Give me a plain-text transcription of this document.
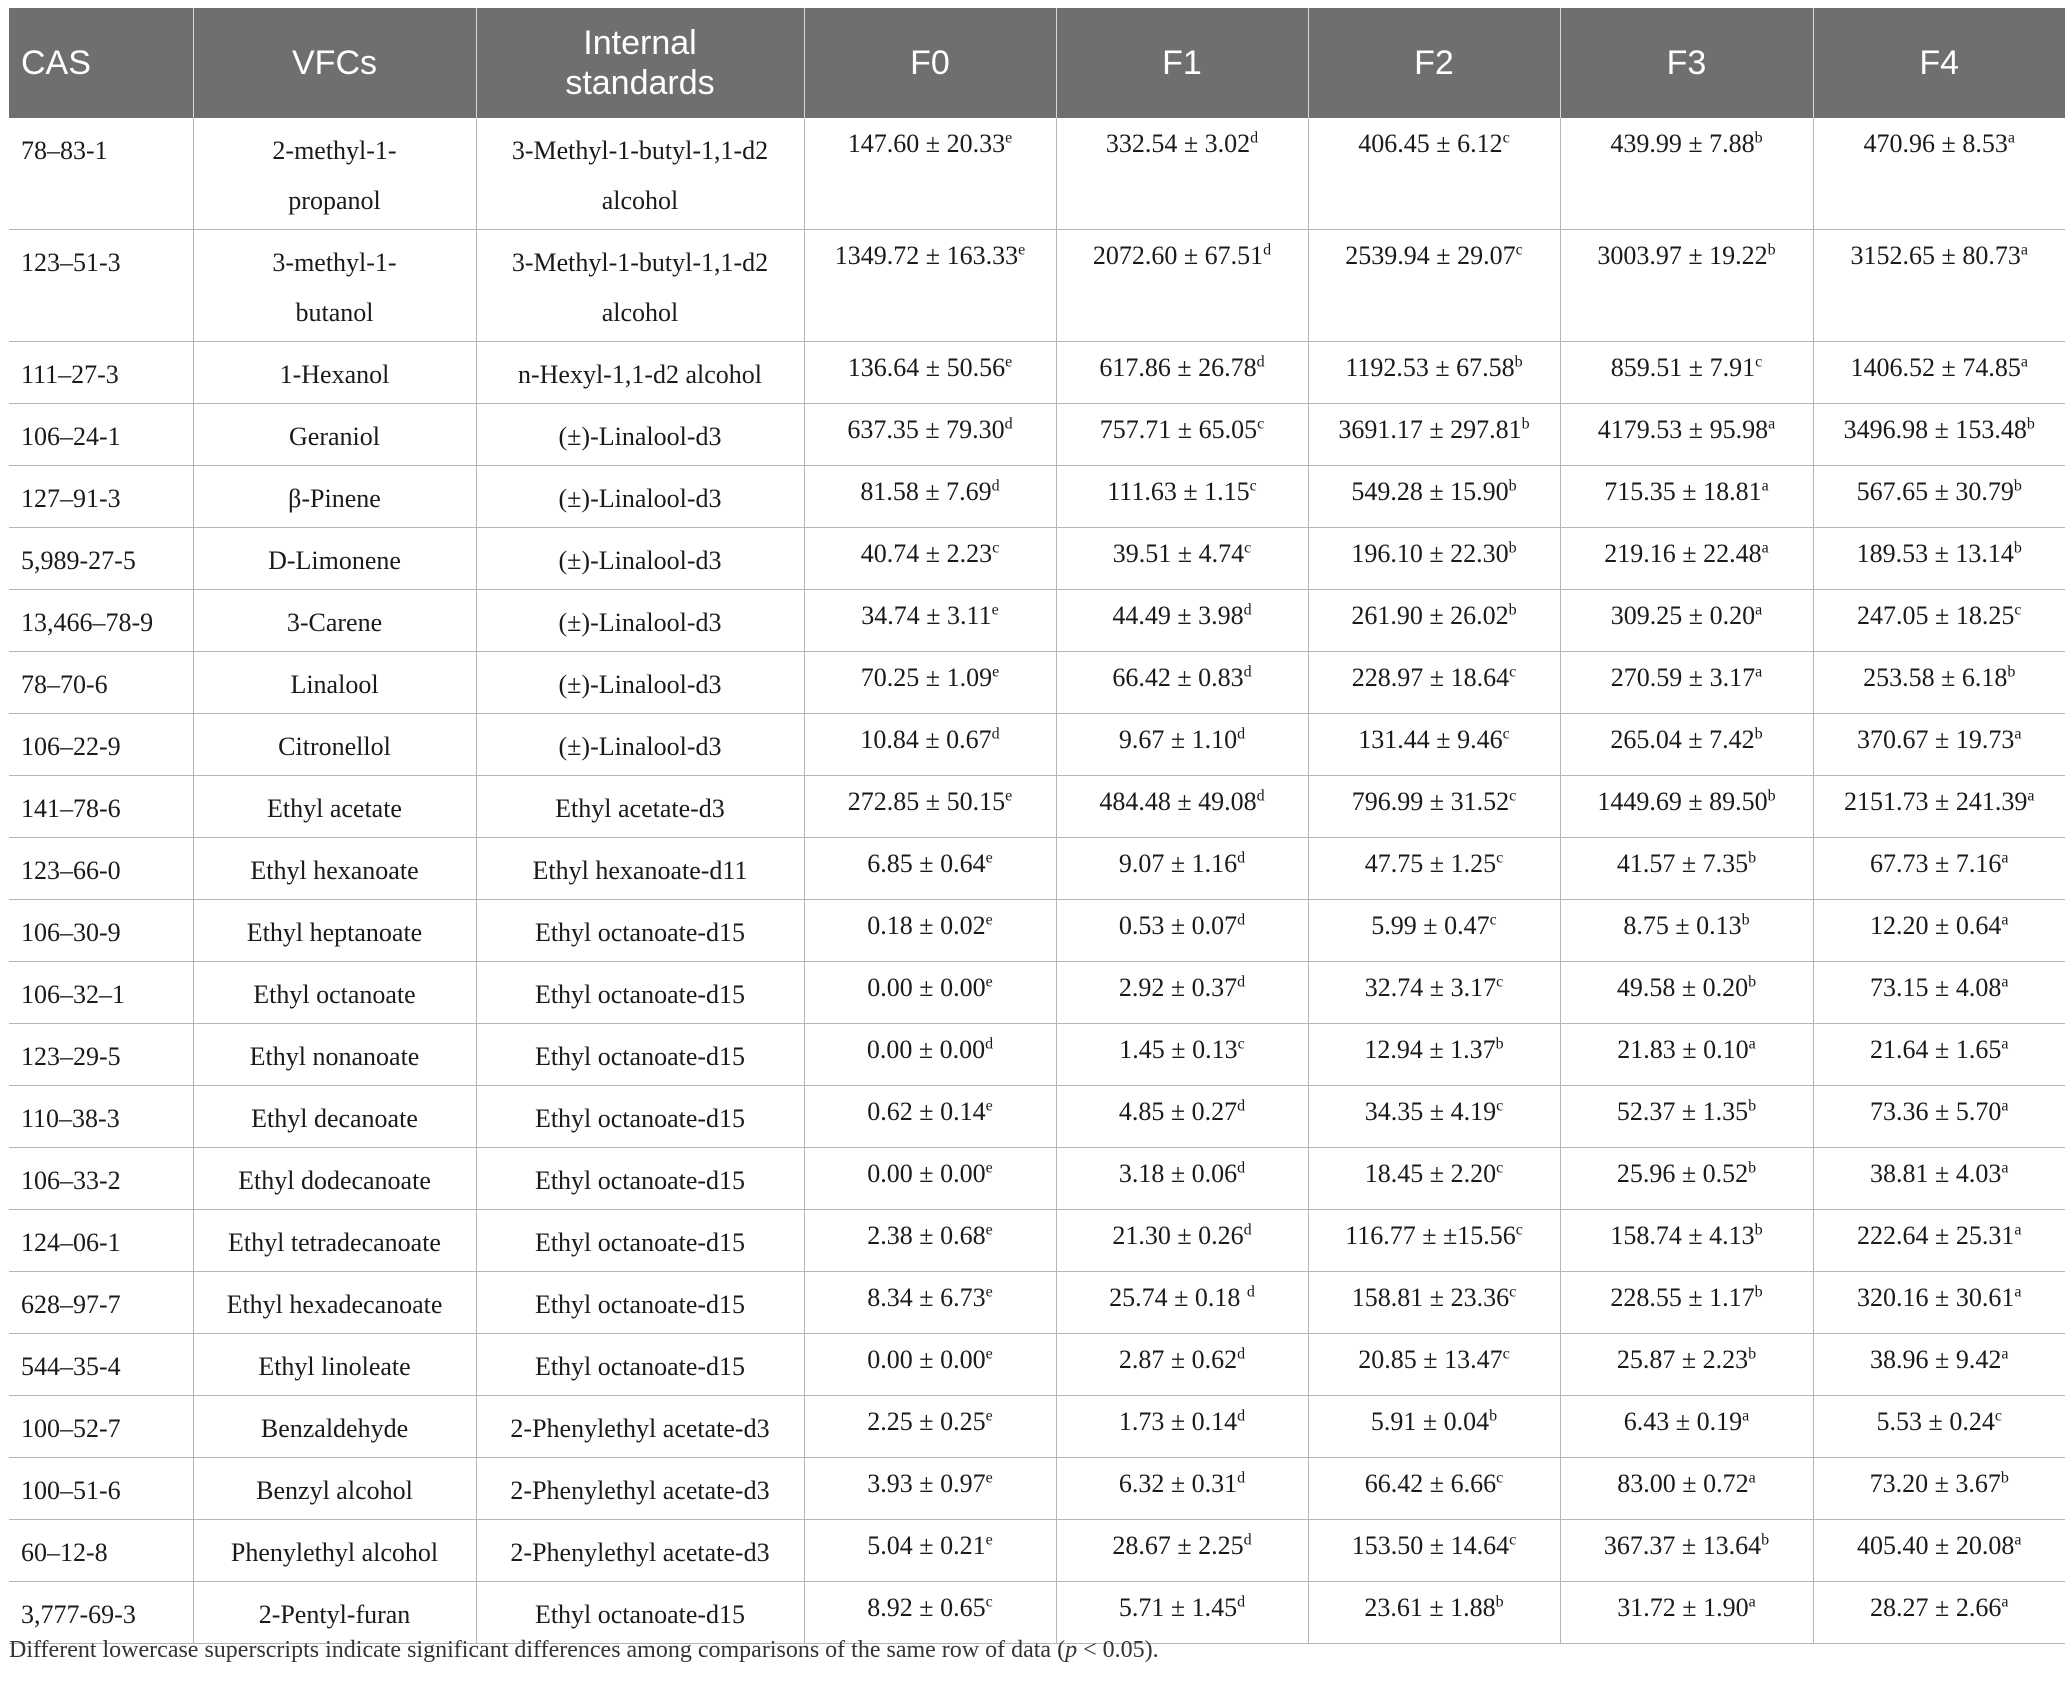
CAS	VFCs	Internal standards	F0	F1	F2	F3	F4
78–83-1	2-methyl-1-propanol	3-Methyl-1-butyl-1,1-d2 alcohol	147.60 ± 20.33$^e$	332.54 ± 3.02$^d$	406.45 ± 6.12$^c$	439.99 ± 7.88$^b$	470.96 ± 8.53$^a$
123–51-3	3-methyl-1-butanol	3-Methyl-1-butyl-1,1-d2 alcohol	1349.72 ± 163.33$^e$	2072.60 ± 67.51$^d$	2539.94 ± 29.07$^c$	3003.97 ± 19.22$^b$	3152.65 ± 80.73$^a$
111–27-3	1-Hexanol	n-Hexyl-1,1-d2 alcohol	136.64 ± 50.56$^e$	617.86 ± 26.78$^d$	1192.53 ± 67.58$^b$	859.51 ± 7.91$^c$	1406.52 ± 74.85$^a$
106–24-1	Geraniol	(±)-Linalool-d3	637.35 ± 79.30$^d$	757.71 ± 65.05$^c$	3691.17 ± 297.81$^b$	4179.53 ± 95.98$^a$	3496.98 ± 153.48$^b$
127–91-3	β-Pinene	(±)-Linalool-d3	81.58 ± 7.69$^d$	111.63 ± 1.15$^c$	549.28 ± 15.90$^b$	715.35 ± 18.81$^a$	567.65 ± 30.79$^b$
5,989-27-5	D-Limonene	(±)-Linalool-d3	40.74 ± 2.23$^c$	39.51 ± 4.74$^c$	196.10 ± 22.30$^b$	219.16 ± 22.48$^a$	189.53 ± 13.14$^b$
13,466–78-9	3-Carene	(±)-Linalool-d3	34.74 ± 3.11$^e$	44.49 ± 3.98$^d$	261.90 ± 26.02$^b$	309.25 ± 0.20$^a$	247.05 ± 18.25$^c$
78–70-6	Linalool	(±)-Linalool-d3	70.25 ± 1.09$^e$	66.42 ± 0.83$^d$	228.97 ± 18.64$^c$	270.59 ± 3.17$^a$	253.58 ± 6.18$^b$
106–22-9	Citronellol	(±)-Linalool-d3	10.84 ± 0.67$^d$	9.67 ± 1.10$^d$	131.44 ± 9.46$^c$	265.04 ± 7.42$^b$	370.67 ± 19.73$^a$
141–78-6	Ethyl acetate	Ethyl acetate-d3	272.85 ± 50.15$^e$	484.48 ± 49.08$^d$	796.99 ± 31.52$^c$	1449.69 ± 89.50$^b$	2151.73 ± 241.39$^a$
123–66-0	Ethyl hexanoate	Ethyl hexanoate-d11	6.85 ± 0.64$^e$	9.07 ± 1.16$^d$	47.75 ± 1.25$^c$	41.57 ± 7.35$^b$	67.73 ± 7.16$^a$
106–30-9	Ethyl heptanoate	Ethyl octanoate-d15	0.18 ± 0.02$^e$	0.53 ± 0.07$^d$	5.99 ± 0.47$^c$	8.75 ± 0.13$^b$	12.20 ± 0.64$^a$
106–32–1	Ethyl octanoate	Ethyl octanoate-d15	0.00 ± 0.00$^e$	2.92 ± 0.37$^d$	32.74 ± 3.17$^c$	49.58 ± 0.20$^b$	73.15 ± 4.08$^a$
123–29-5	Ethyl nonanoate	Ethyl octanoate-d15	0.00 ± 0.00$^d$	1.45 ± 0.13$^c$	12.94 ± 1.37$^b$	21.83 ± 0.10$^a$	21.64 ± 1.65$^a$
110–38-3	Ethyl decanoate	Ethyl octanoate-d15	0.62 ± 0.14$^e$	4.85 ± 0.27$^d$	34.35 ± 4.19$^c$	52.37 ± 1.35$^b$	73.36 ± 5.70$^a$
106–33-2	Ethyl dodecanoate	Ethyl octanoate-d15	0.00 ± 0.00$^e$	3.18 ± 0.06$^d$	18.45 ± 2.20$^c$	25.96 ± 0.52$^b$	38.81 ± 4.03$^a$
124–06-1	Ethyl tetradecanoate	Ethyl octanoate-d15	2.38 ± 0.68$^e$	21.30 ± 0.26$^d$	116.77 ± ±15.56$^c$	158.74 ± 4.13$^b$	222.64 ± 25.31$^a$
628–97-7	Ethyl hexadecanoate	Ethyl octanoate-d15	8.34 ± 6.73$^e$	25.74 ± 0.18 $^d$	158.81 ± 23.36$^c$	228.55 ± 1.17$^b$	320.16 ± 30.61$^a$
544–35-4	Ethyl linoleate	Ethyl octanoate-d15	0.00 ± 0.00$^e$	2.87 ± 0.62$^d$	20.85 ± 13.47$^c$	25.87 ± 2.23$^b$	38.96 ± 9.42$^a$
100–52-7	Benzaldehyde	2-Phenylethyl acetate-d3	2.25 ± 0.25$^e$	1.73 ± 0.14$^d$	5.91 ± 0.04$^b$	6.43 ± 0.19$^a$	5.53 ± 0.24$^c$
100–51-6	Benzyl alcohol	2-Phenylethyl acetate-d3	3.93 ± 0.97$^e$	6.32 ± 0.31$^d$	66.42 ± 6.66$^c$	83.00 ± 0.72$^a$	73.20 ± 3.67$^b$
60–12-8	Phenylethyl alcohol	2-Phenylethyl acetate-d3	5.04 ± 0.21$^e$	28.67 ± 2.25$^d$	153.50 ± 14.64$^c$	367.37 ± 13.64$^b$	405.40 ± 20.08$^a$
3,777-69-3	2-Pentyl-furan	Ethyl octanoate-d15	8.92 ± 0.65$^c$	5.71 ± 1.45$^d$	23.61 ± 1.88$^b$	31.72 ± 1.90$^a$	28.27 ± 2.66$^a$
Different lowercase superscripts indicate significant differences among comparisons of the same row of data (p < 0.05).
